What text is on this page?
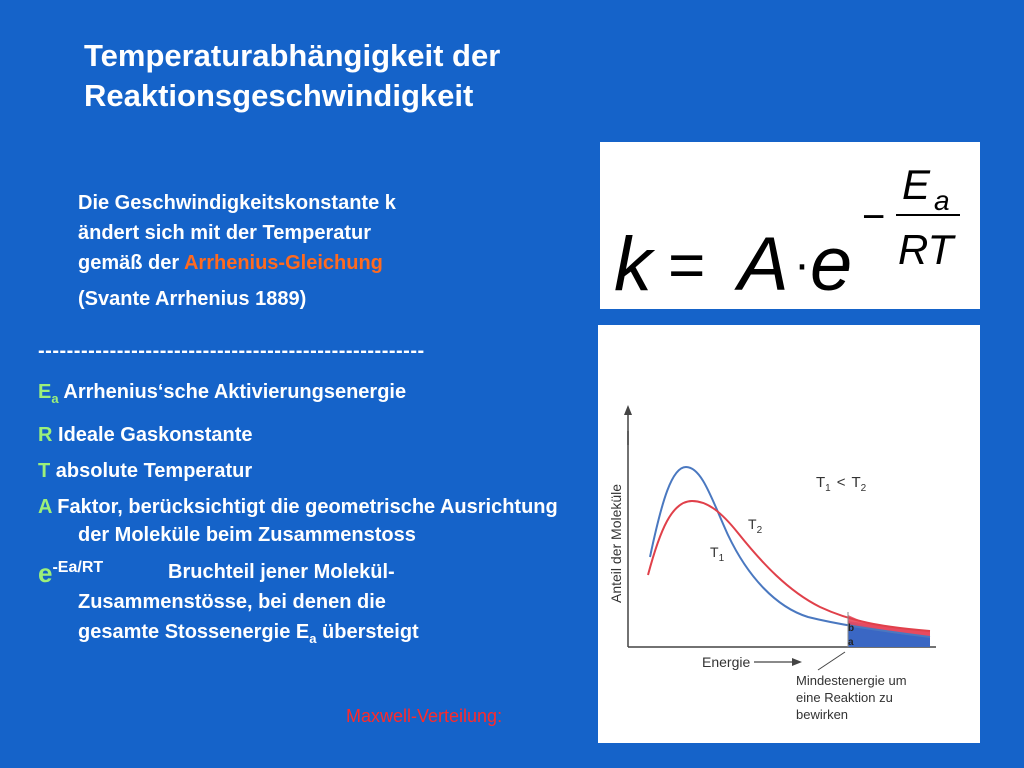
Temperaturabhängigkeit der
Reaktionsgeschwindigkeit
Die Geschwindigkeitskonstante k
ändert sich mit der Temperatur
gemäß der Arrhenius-Gleichung
(Svante Arrhenius 1889)
------------------------------------------------------
$E_a$ Arrhenius‘sche Aktivierungsenergie
R Ideale Gaskonstante
T absolute Temperatur
A Faktor, berücksichtigt die geometrische Ausrichtung der Moleküle beim Zusammenstoss
$e^{-Ea/RT}$	Bruchteil jener Molekül-
Zusammenstösse, bei denen die
gesamte Stossenergie $E_a$ übersteigt
Maxwell-Verteilung:
k = A · e
−
E a
RT
Anteil der Moleküle
Energie
$T_1 < T_2$
$T_2$
$T_1$
b
a
Mindestenergie um
eine Reaktion zu
bewirken
